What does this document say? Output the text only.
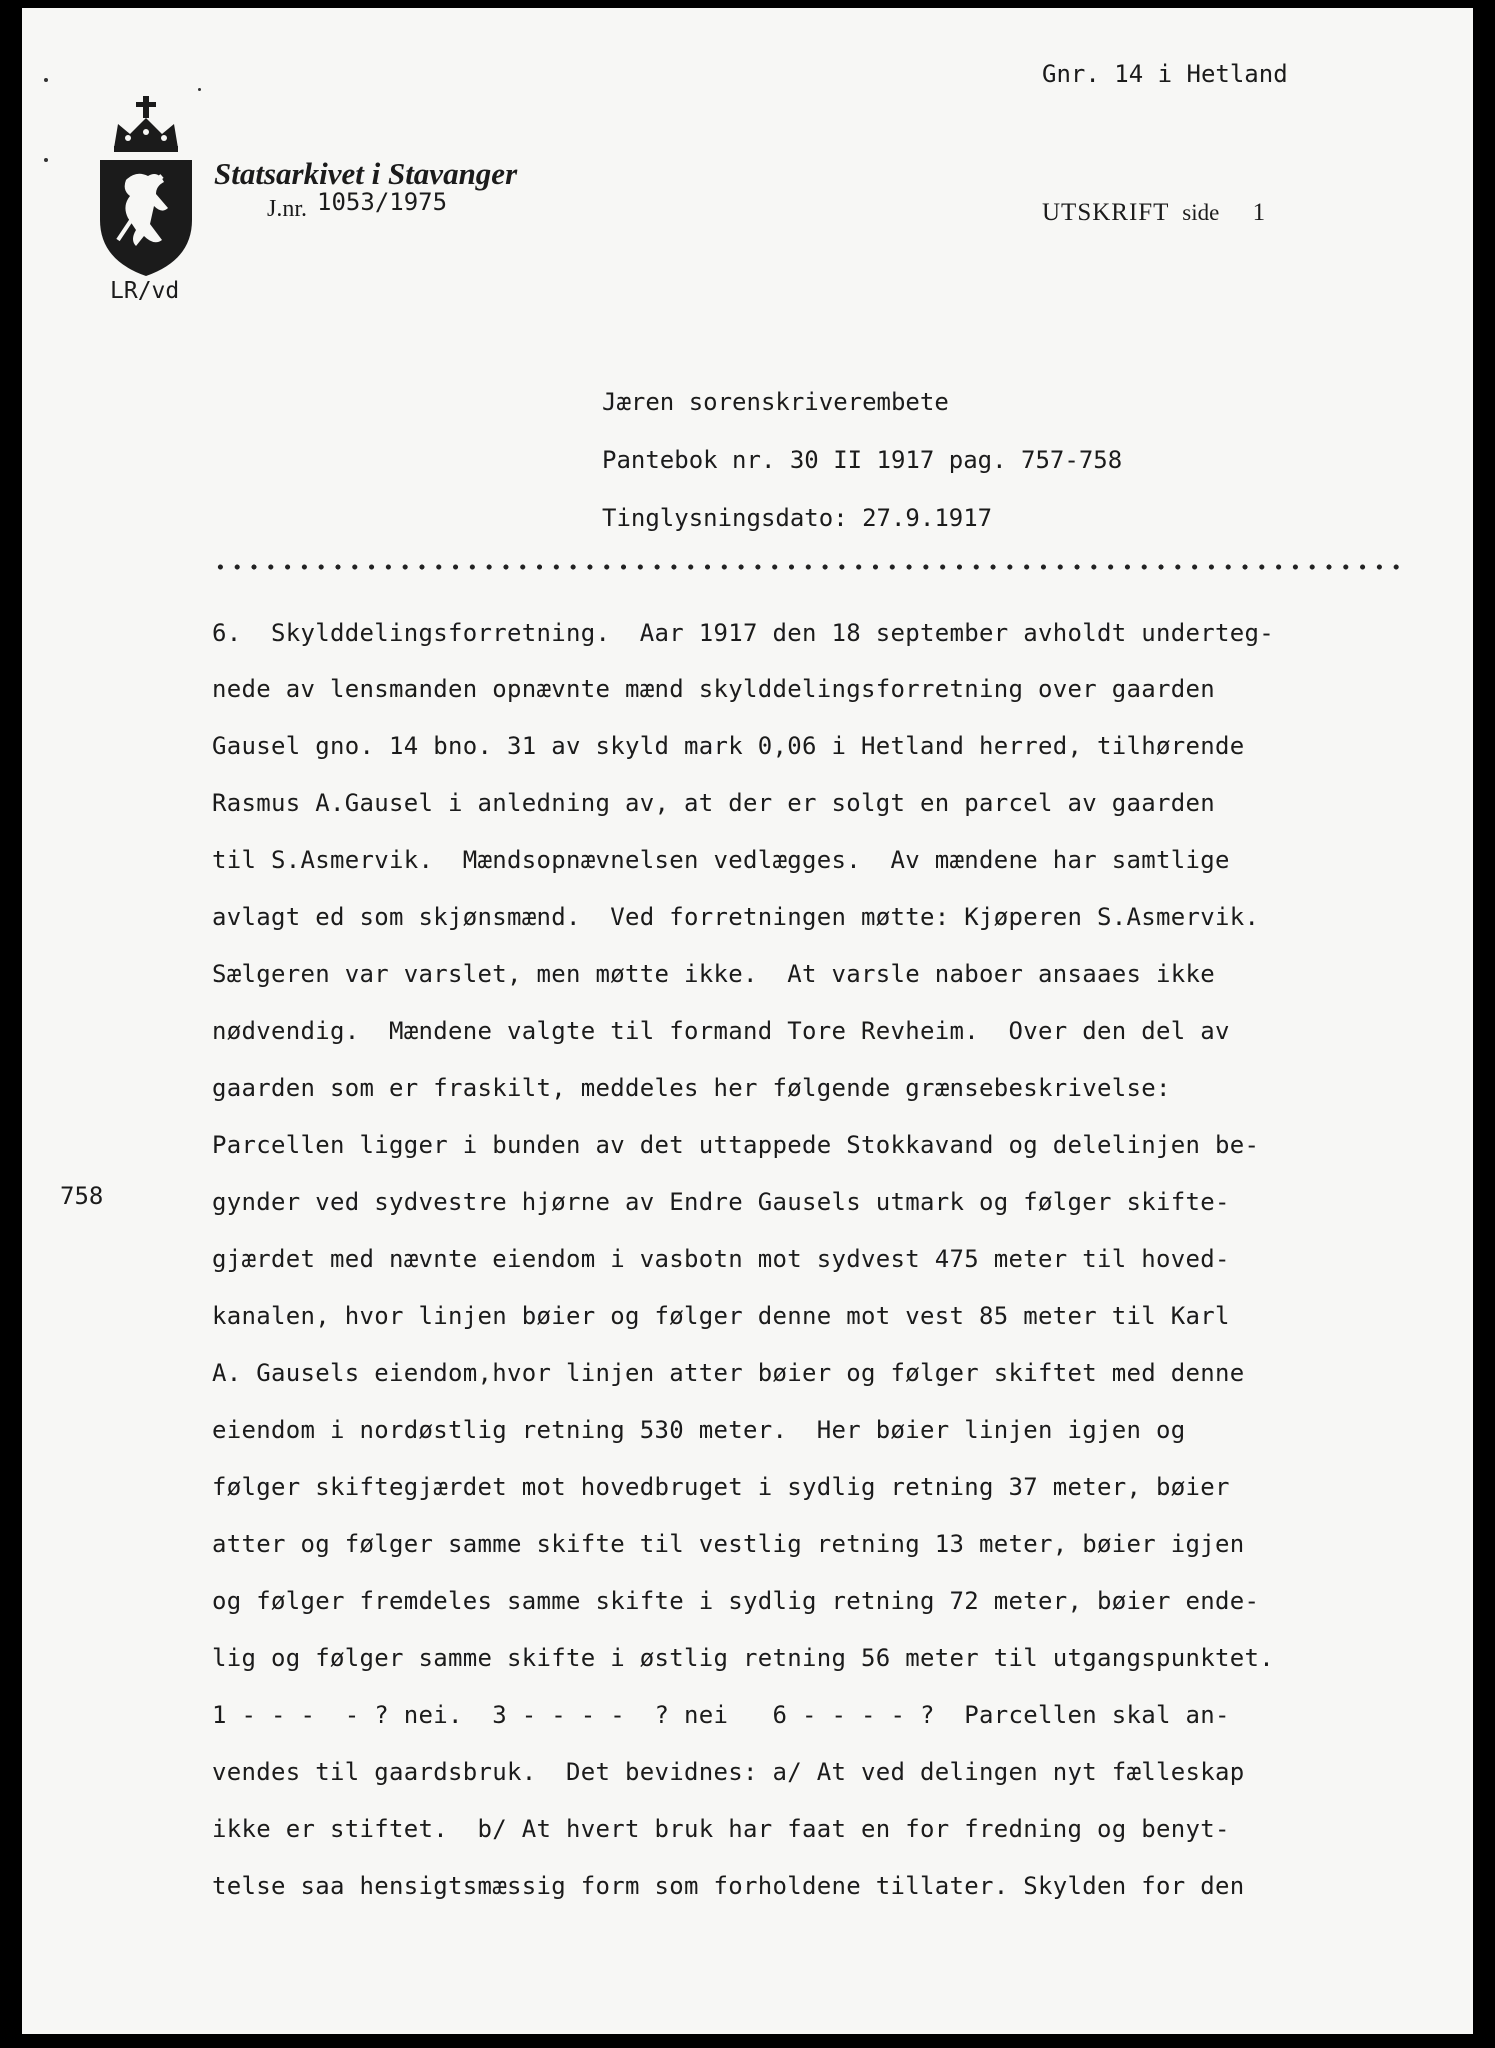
Gnr. 14 i Hetland
Statsarkivet i Stavanger
J.nr. 1053/1975	UTSKRIFT side 1
LR/vd
Jæren sorenskriverembete
Pantebok nr. 30 II 1917 pag. 757-758
Tinglysningsdato: 27.9.1917
6.  Skylddelingsforretning.  Aar 1917 den 18 september avholdt underteg-
nede av lensmanden opnævnte mænd skylddelingsforretning over gaarden
Gausel gno. 14 bno. 31 av skyld mark 0,06 i Hetland herred, tilhørende
Rasmus A.Gausel i anledning av, at der er solgt en parcel av gaarden
til S.Asmervik.  Mændsopnævnelsen vedlægges.  Av mændene har samtlige
avlagt ed som skjønsmænd.  Ved forretningen møtte: Kjøperen S.Asmervik.
Sælgeren var varslet, men møtte ikke.  At varsle naboer ansaaes ikke
nødvendig.  Mændene valgte til formand Tore Revheim.  Over den del av
gaarden som er fraskilt, meddeles her følgende grænsebeskrivelse:
Parcellen ligger i bunden av det uttappede Stokkavand og delelinjen be-
gynder ved sydvestre hjørne av Endre Gausels utmark og følger skifte-
gjærdet med nævnte eiendom i vasbotn mot sydvest 475 meter til hoved-
kanalen, hvor linjen bøier og følger denne mot vest 85 meter til Karl
A. Gausels eiendom,hvor linjen atter bøier og følger skiftet med denne
eiendom i nordøstlig retning 530 meter.  Her bøier linjen igjen og
følger skiftegjærdet mot hovedbruget i sydlig retning 37 meter, bøier
atter og følger samme skifte til vestlig retning 13 meter, bøier igjen
og følger fremdeles samme skifte i sydlig retning 72 meter, bøier ende-
lig og følger samme skifte i østlig retning 56 meter til utgangspunktet.
1 - - -  - ? nei.  3 - - - -  ? nei   6 - - - - ?  Parcellen skal an-
vendes til gaardsbruk.  Det bevidnes: a/ At ved delingen nyt fælleskap
ikke er stiftet.  b/ At hvert bruk har faat en for fredning og benyt-
telse saa hensigtsmæssig form som forholdene tillater. Skylden for den
758
